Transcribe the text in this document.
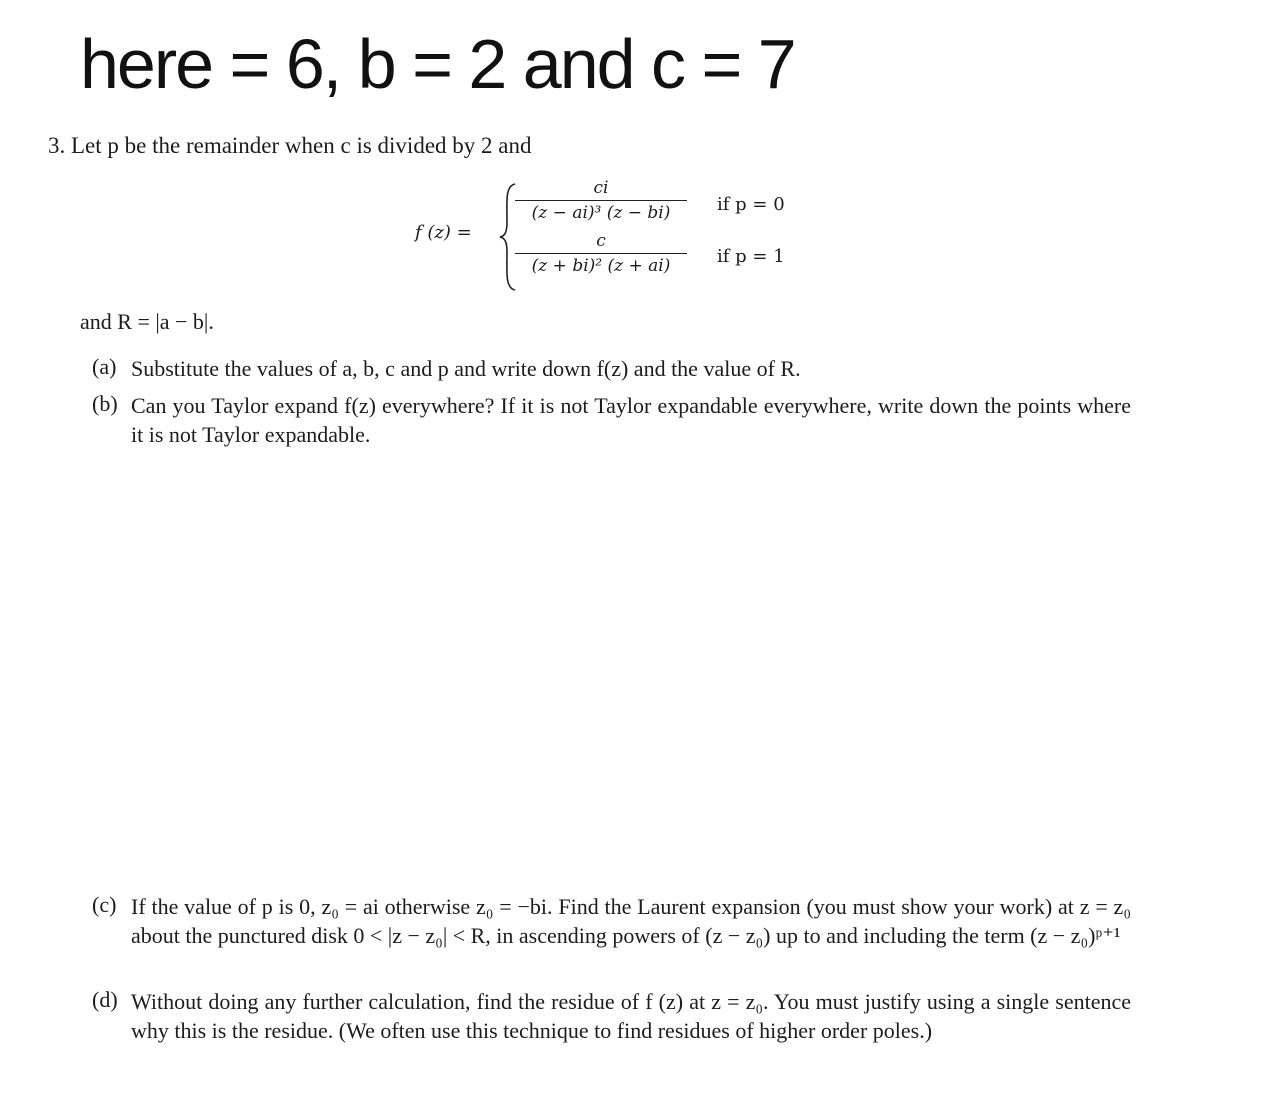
here = 6, b = 2 and c = 7

3. Let p be the remainder when c is divided by 2 and

f (z) =
ci
(z − ai)³ (z − bi)	if p = 0
c
(z + bi)² (z + ai)	if p = 1

and R = |a − b|.

(a) Substitute the values of a, b, c and p and write down f(z) and the value of R.
(b) Can you Taylor expand f(z) everywhere? If it is not Taylor expandable everywhere, write down the points where it is not Taylor expandable.
(c) If the value of p is 0, z₀ = ai otherwise z₀ = −bi. Find the Laurent expansion (you must show your work) at z = z₀ about the punctured disk 0 < |z − z₀| < R, in ascending powers of (z − z₀) up to and including the term (z − z₀)ᵖ⁺¹
(d) Without doing any further calculation, find the residue of f (z) at z = z₀. You must justify using a single sentence why this is the residue. (We often use this technique to find residues of higher order poles.)
